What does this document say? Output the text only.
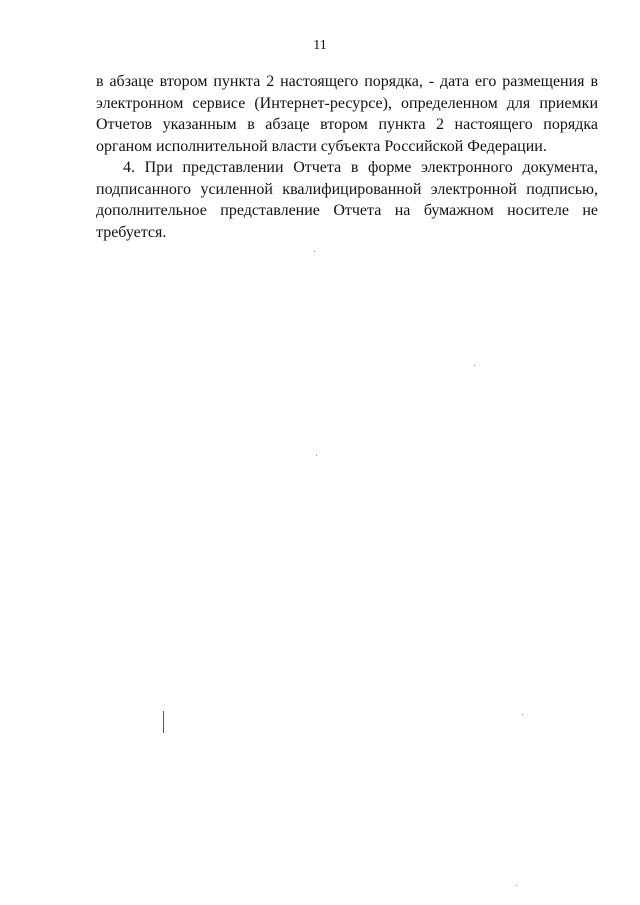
11

в абзаце втором пункта 2 настоящего порядка, - дата его размещения в электронном сервисе (Интернет-ресурсе), определенном для приемки Отчетов указанным в абзаце втором пункта 2 настоящего порядка органом исполнительной власти субъекта Российской Федерации.

4. При представлении Отчета в форме электронного документа, подписанного усиленной квалифицированной электронной подписью, дополнительное представление Отчета на бумажном носителе не требуется.
